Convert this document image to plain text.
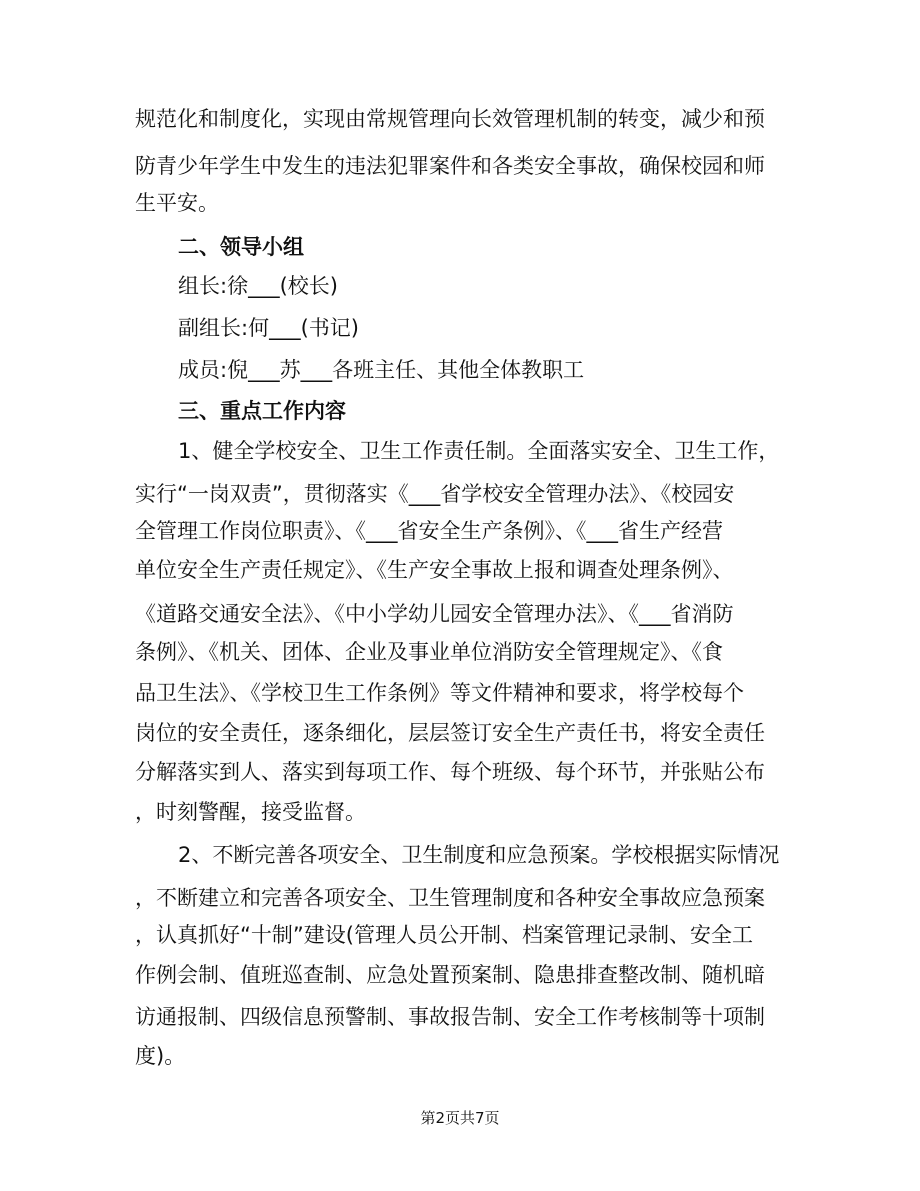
规范化和制度化，实现由常规管理向长效管理机制的转变，减少和预
防青少年学生中发生的违法犯罪案件和各类安全事故，确保校园和师
生平安。
二、领导小组
组长:徐___(校长)
副组长:何___(书记)
成员:倪___苏___各班主任、其他全体教职工
三、重点工作内容
1、健全学校安全、卫生工作责任制。全面落实安全、卫生工作，
实行“一岗双责”，贯彻落实《___省学校安全管理办法》、《校园安
全管理工作岗位职责》、《___省安全生产条例》、《___省生产经营
单位安全生产责任规定》、《生产安全事故上报和调查处理条例》、
《道路交通安全法》、《中小学幼儿园安全管理办法》、《___省消防
条例》、《机关、团体、企业及事业单位消防安全管理规定》、《食
品卫生法》、《学校卫生工作条例》等文件精神和要求，将学校每个
岗位的安全责任，逐条细化，层层签订安全生产责任书，将安全责任
分解落实到人、落实到每项工作、每个班级、每个环节，并张贴公布
，时刻警醒，接受监督。
2、不断完善各项安全、卫生制度和应急预案。学校根据实际情况
，不断建立和完善各项安全、卫生管理制度和各种安全事故应急预案
，认真抓好“十制”建设(管理人员公开制、档案管理记录制、安全工
作例会制、值班巡查制、应急处置预案制、隐患排查整改制、随机暗
访通报制、四级信息预警制、事故报告制、安全工作考核制等十项制
度)。
第2页共7页
